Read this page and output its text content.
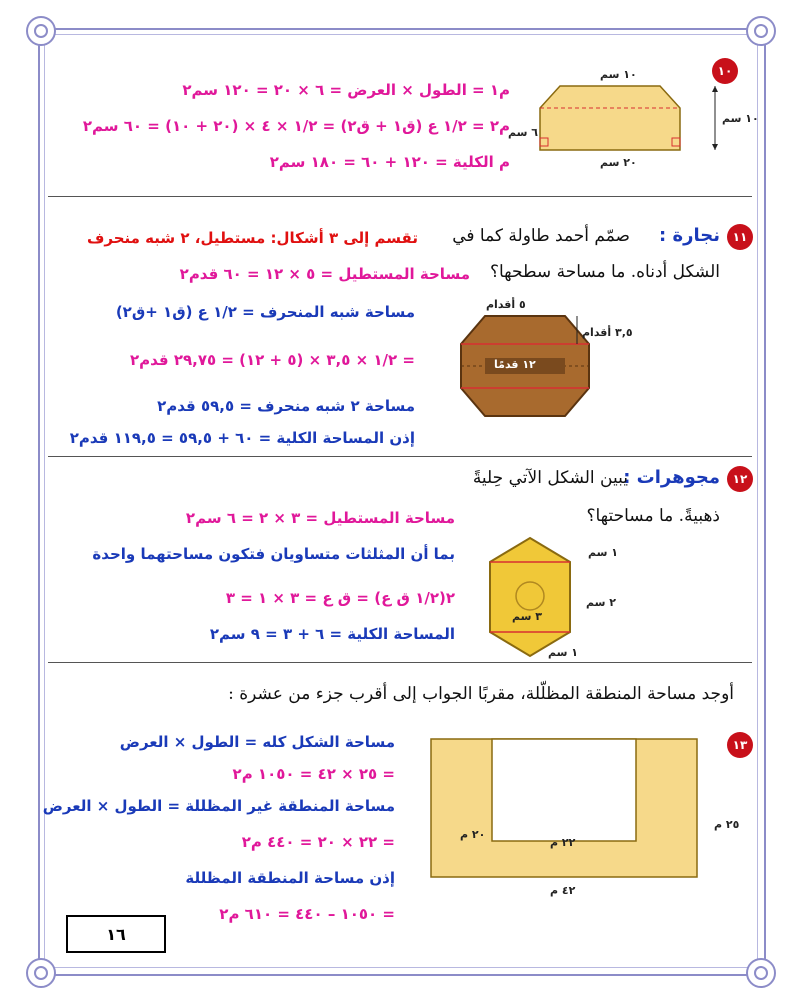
١٠
١٠ سم
١٠ سم
٦ سم
٢٠ سم
م١ = الطول × العرض = ٦ × ٢٠ = ١٢٠ سم٢
م٢ = ١/٢ ع (ق١ + ق٢) = ١/٢ × ٤ × (٢٠ + ١٠) = ٦٠ سم٢
م الكلية = ١٢٠ + ٦٠ = ١٨٠ سم٢
١١
نجارة :
صمّم أحمد طاولة كما في
تقسم إلى ٣ أشكال: مستطيل، ٢ شبه منحرف
الشكل أدناه. ما مساحة سطحها؟
مساحة المستطيل = ٥ × ١٢ = ٦٠ قدم٢
مساحة شبه المنحرف = ١/٢ ع (ق١ +ق٢)
= ١/٢ × ٣,٥ × (٥ + ١٢) = ٢٩,٧٥ قدم٢
مساحة ٢ شبه منحرف = ٥٩,٥ قدم٢
إذن المساحة الكلية = ٦٠ + ٥٩,٥ = ١١٩,٥ قدم٢
٥ أقدام
٣,٥ أقدام
١٢ قدمًا
١٢
مجوهرات :
يبين الشكل الآتي حِليةً
ذهبيةً. ما مساحتها؟
مساحة المستطيل = ٣ × ٢ = ٦ سم٢
بما أن المثلثات متساويان فتكون مساحتهما واحدة
٢(١/٢ ق ع) = ق ع = ٣ × ١ = ٣
المساحة الكلية = ٦ + ٣ = ٩ سم٢
١ سم
٢ سم
٣ سم
١ سم
أوجد مساحة المنطقة المظلّلة، مقربًا الجواب إلى أقرب جزء من عشرة :
١٣
مساحة الشكل كله = الطول × العرض
= ٢٥ × ٤٢ = ١٠٥٠ م٢
مساحة المنطقة غير المظللة = الطول × العرض
= ٢٢ × ٢٠ = ٤٤٠ م٢
إذن مساحة المنطقة المظللة
= ١٠٥٠ – ٤٤٠ = ٦١٠ م٢
٢٠ م
٢٥ م
٢٢ م
٤٢ م
١٦
